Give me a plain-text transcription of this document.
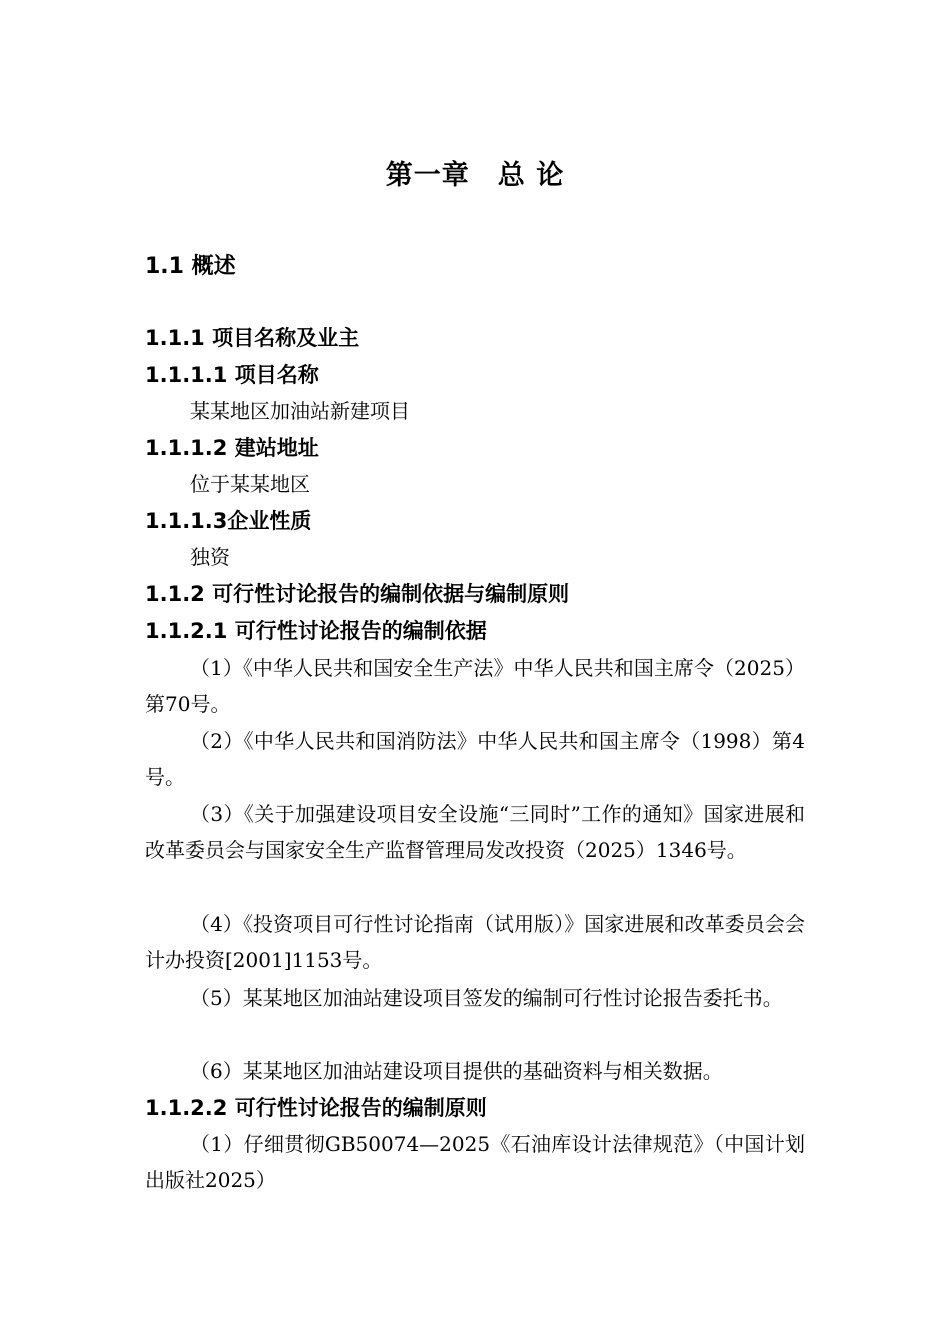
第一章　总 论
1.1 概述
1.1.1 项目名称及业主
1.1.1.1 项目名称
某某地区加油站新建项目
1.1.1.2 建站地址
位于某某地区
1.1.1.3企业性质
独资
1.1.2 可行性讨论报告的编制依据与编制原则
1.1.2.1 可行性讨论报告的编制依据
（1）《中华人民共和国安全生产法》中华人民共和国主席令（2025）第70号。
（2）《中华人民共和国消防法》中华人民共和国主席令（1998）第4号。
（3）《关于加强建设项目安全设施“三同时”工作的通知》国家进展和改革委员会与国家安全生产监督管理局发改投资（2025）1346号。
（4）《投资项目可行性讨论指南（试用版）》国家进展和改革委员会会计办投资[2001]1153号。
（5）某某地区加油站建设项目签发的编制可行性讨论报告委托书。
（6）某某地区加油站建设项目提供的基础资料与相关数据。
1.1.2.2 可行性讨论报告的编制原则
（1）仔细贯彻GB50074—2025《石油库设计法律规范》（中国计划出版社2025）
